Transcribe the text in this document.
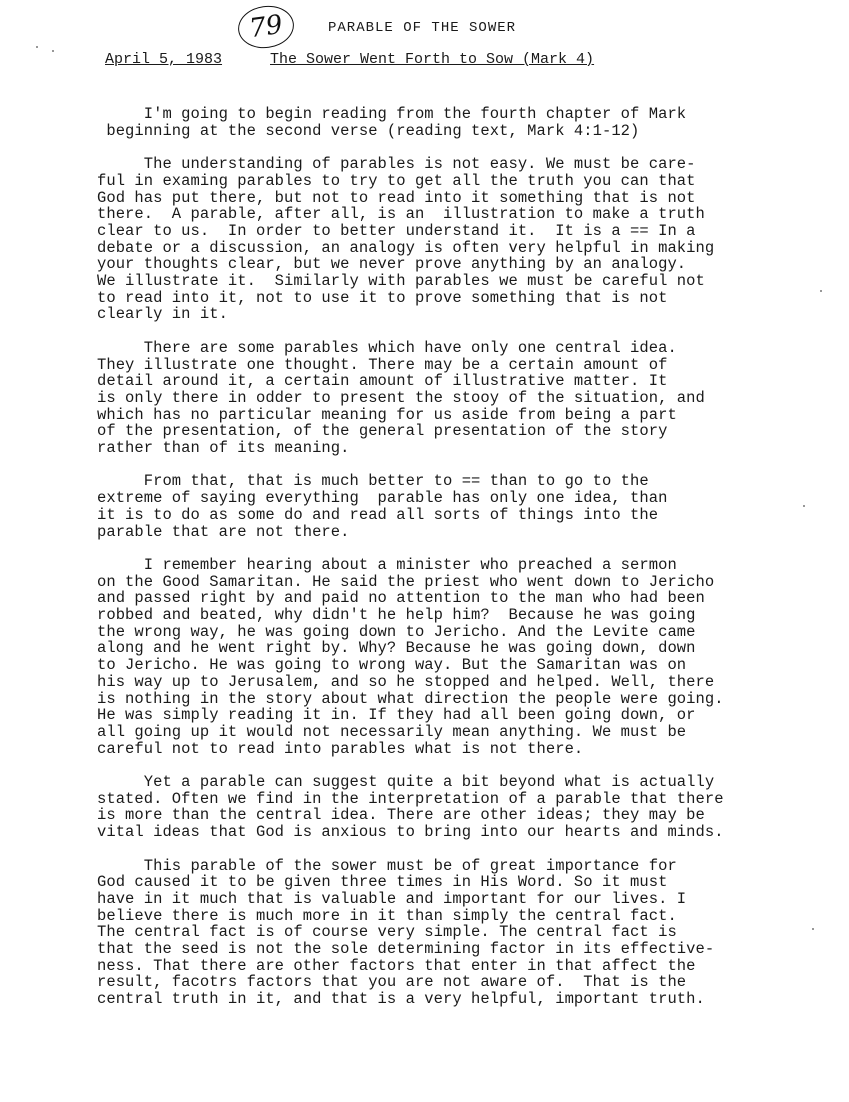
79	PARABLE OF THE SOWER
April 5, 1983	The Sower Went Forth to Sow (Mark 4)

I'm going to begin reading from the fourth chapter of Mark
beginning at the second verse (reading text, Mark 4:1-12)

The understanding of parables is not easy. We must be care-
ful in examing parables to try to get all the truth you can that
God has put there, but not to read into it something that is not
there.  A parable, after all, is an  illustration to make a truth
clear to us.  In order to better understand it.  It is a == In a
debate or a discussion, an analogy is often very helpful in making
your thoughts clear, but we never prove anything by an analogy.
We illustrate it.  Similarly with parables we must be careful not
to read into it, not to use it to prove something that is not
clearly in it.

There are some parables which have only one central idea.
They illustrate one thought. There may be a certain amount of
detail around it, a certain amount of illustrative matter. It
is only there in odder to present the stooy of the situation, and
which has no particular meaning for us aside from being a part
of the presentation, of the general presentation of the story
rather than of its meaning.

From that, that is much better to == than to go to the
extreme of saying everything  parable has only one idea, than
it is to do as some do and read all sorts of things into the
parable that are not there.

I remember hearing about a minister who preached a sermon
on the Good Samaritan. He said the priest who went down to Jericho
and passed right by and paid no attention to the man who had been
robbed and beated, why didn't he help him?  Because he was going
the wrong way, he was going down to Jericho. And the Levite came
along and he went right by. Why? Because he was going down, down
to Jericho. He was going to wrong way. But the Samaritan was on
his way up to Jerusalem, and so he stopped and helped. Well, there
is nothing in the story about what direction the people were going.
He was simply reading it in. If they had all been going down, or
all going up it would not necessarily mean anything. We must be
careful not to read into parables what is not there.

Yet a parable can suggest quite a bit beyond what is actually
stated. Often we find in the interpretation of a parable that there
is more than the central idea. There are other ideas; they may be
vital ideas that God is anxious to bring into our hearts and minds.

This parable of the sower must be of great importance for
God caused it to be given three times in His Word. So it must
have in it much that is valuable and important for our lives. I
believe there is much more in it than simply the central fact.
The central fact is of course very simple. The central fact is
that the seed is not the sole determining factor in its effective-
ness. That there are other factors that enter in that affect the
result, facotrs factors that you are not aware of.  That is the
central truth in it, and that is a very helpful, important truth.
